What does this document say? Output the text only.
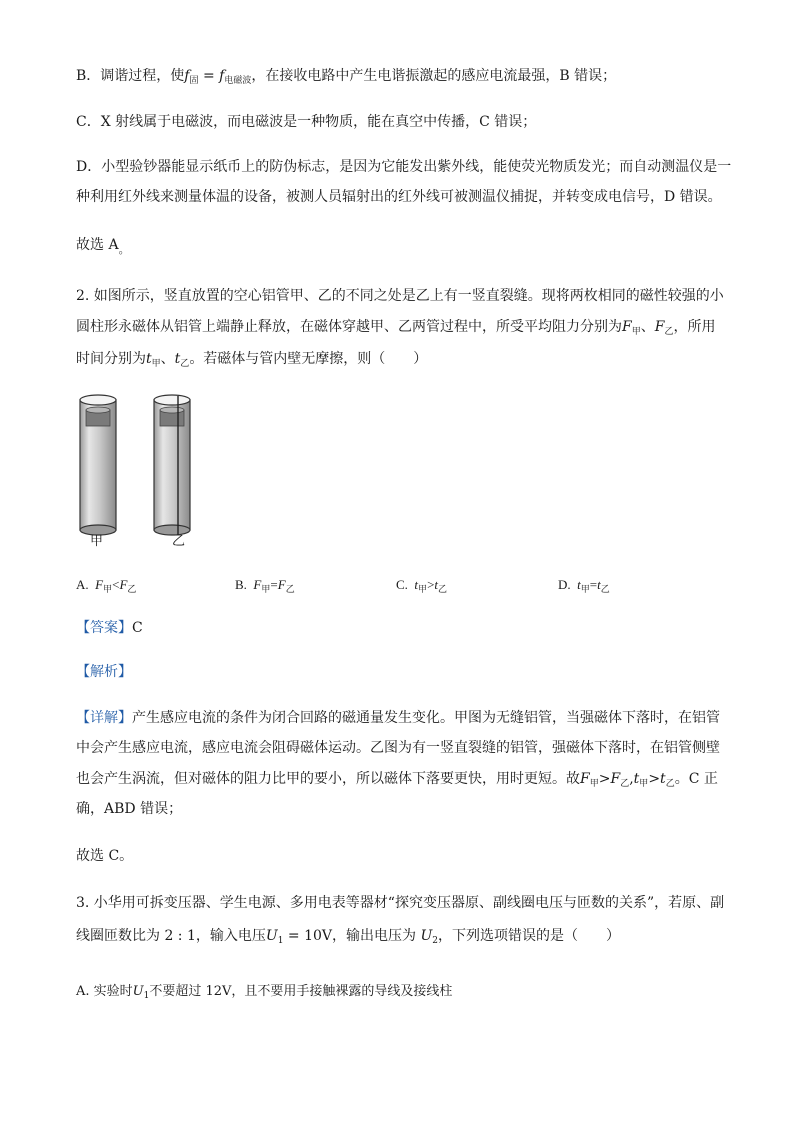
B．调谐过程，使$f_固 = f_{电磁波}$，在接收电路中产生电谐振激起的感应电流最强，B 错误；
C．X 射线属于电磁波，而电磁波是一种物质，能在真空中传播，C 错误；
D．小型验钞器能显示纸币上的防伪标志，是因为它能发出紫外线，能使荧光物质发光；而自动测温仪是一
种利用红外线来测量体温的设备，被测人员辐射出的红外线可被测温仪捕捉，并转变成电信号，D 错误。
故选 $A_。$
2. 如图所示，竖直放置的空心铝管甲、乙的不同之处是乙上有一竖直裂缝。现将两枚相同的磁性较强的小
圆柱形永磁体从铝管上端静止释放，在磁体穿越甲、乙两管过程中，所受平均阻力分别为$F_甲$、$F_乙$，所用
时间分别为$t_甲$、$t_乙$。若磁体与管内壁无摩擦，则（　　）
甲	乙
A. $F_甲<F_乙$	B. $F_甲=F_乙$	C. $t_甲>t_乙$	D. $t_甲=t_乙$
【答案】C
【解析】
【详解】产生感应电流的条件为闭合回路的磁通量发生变化。甲图为无缝铝管，当强磁体下落时，在铝管
中会产生感应电流，感应电流会阻碍磁体运动。乙图为有一竖直裂缝的铝管，强磁体下落时，在铝管侧壁
也会产生涡流，但对磁体的阻力比甲的要小，所以磁体下落要更快，用时更短。故$F_甲>F_乙,t_甲>t_乙$。C 正
确，ABD 错误；
故选 C。
3. 小华用可拆变压器、学生电源、多用电表等器材“探究变压器原、副线圈电压与匝数的关系”，若原、副
线圈匝数比为 2 : 1，输入电压$U_1 = 10V$，输出电压为 $U_2$，下列选项错误的是（　　）
A. 实验时$U_1$不要超过 12V，且不要用手接触裸露的导线及接线柱
